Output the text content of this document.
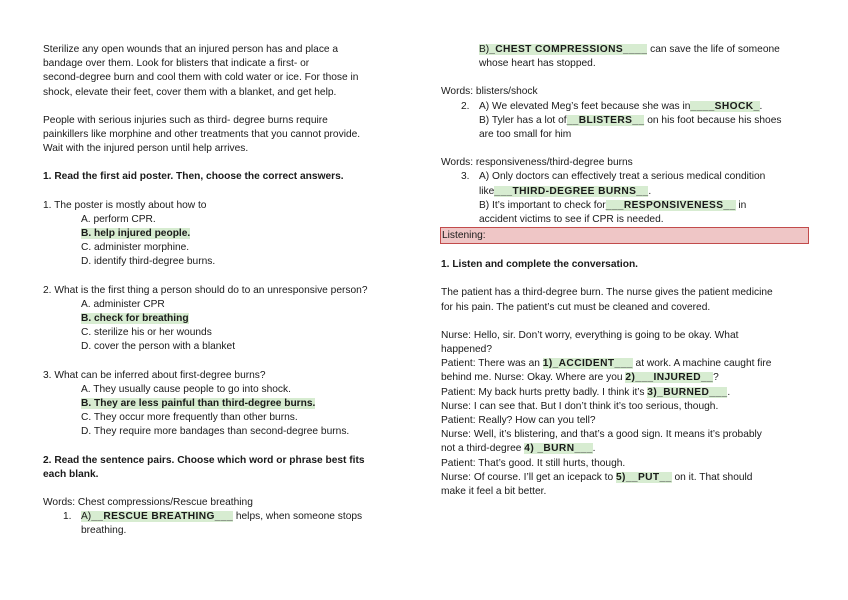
Sterilize any open wounds that an injured person has and place a

bandage over them. Look for blisters that indicate a first- or

second-degree burn and cool them with cold water or ice. For those in

shock, elevate their feet, cover them with a blanket, and get help.

People with serious injuries such as third- degree burns require

painkillers like morphine and other treatments that you cannot provide.

Wait with the injured person until help arrives.

1. Read the first aid poster. Then, choose the correct answers.

1. The poster is mostly about how to

A. perform CPR.

B. help injured people.

C. administer morphine.

D. identify third-degree burns.

2. What is the first thing a person should do to an unresponsive person?

A. administer CPR

B. check for breathing

C. sterilize his or her wounds

D. cover the person with a blanket

3. What can be inferred about first-degree burns?

A. They usually cause people to go into shock.

B. They are less painful than third-degree burns.

C. They occur more frequently than other burns.

D. They require more bandages than second-degree burns.

2. Read the sentence pairs. Choose which word or phrase best fits

each blank.

Words: Chest compressions/Rescue breathing

1. A)__RESCUE BREATHING___ helps, when someone stops

breathing.

B)_CHEST COMPRESSIONS____ can save the life of someone

whose heart has stopped.

Words: blisters/shock

2. A) We elevated Meg’s feet because she was in____SHOCK_.

B) Tyler has a lot of__BLISTERS__ on his foot because his shoes

are too small for him

Words: responsiveness/third-degree burns

3. A) Only doctors can effectively treat a serious medical condition

like___THIRD-DEGREE BURNS__.

B) It’s important to check for___RESPONSIVENESS__ in

accident victims to see if CPR is needed.

Listening:

1. Listen and complete the conversation.

The patient has a third-degree burn. The nurse gives the patient medicine

for his pain. The patient’s cut must be cleaned and covered.

Nurse: Hello, sir. Don’t worry, everything is going to be okay. What

happened?

Patient: There was an 1)_ACCIDENT___ at work. A machine caught fire

behind me. Nurse: Okay. Where are you 2)___INJURED__?

Patient: My back hurts pretty badly. I think it’s 3)_BURNED___.

Nurse: I can see that. But I don’t think it’s too serious, though.

Patient: Really? How can you tell?

Nurse: Well, it’s blistering, and that’s a good sign. It means it’s probably

not a third-degree 4) _BURN___.

Patient: That’s good. It still hurts, though.

Nurse: Of course. I’ll get an icepack to 5)__PUT__ on it. That should

make it feel a bit better.
